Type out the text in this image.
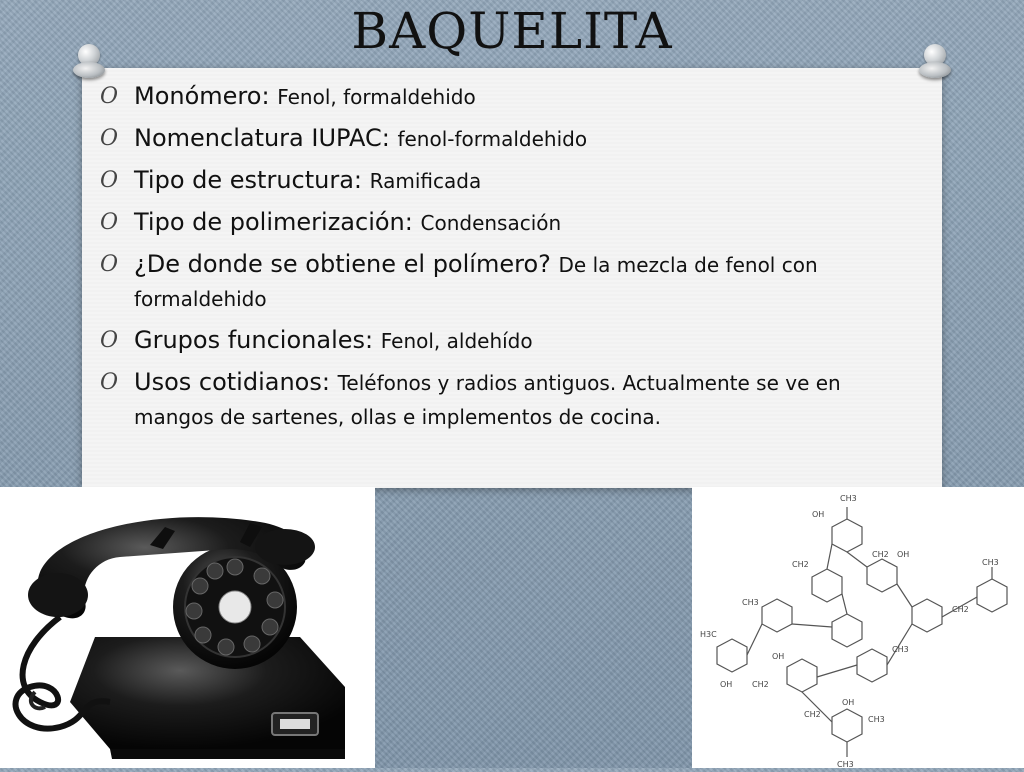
BAQUELITA
O Monómero: Fenol, formaldehido
O Nomenclatura IUPAC: fenol-formaldehido
O Tipo de estructura: Ramificada
O Tipo de polimerización: Condensación
O ¿De donde se obtiene el polímero? De la mezcla de fenol con formaldehido
O Grupos funcionales: Fenol, aldehído
O Usos cotidianos: Teléfonos y radios antiguos. Actualmente se ve en mangos de sartenes, ollas e implementos de cocina.
OH
CH3
CH2 OH
CH2	CH3
CH3
H3C
CH2
OH
OH
CH2
CH3
OH
CH3
CH2
CH3
